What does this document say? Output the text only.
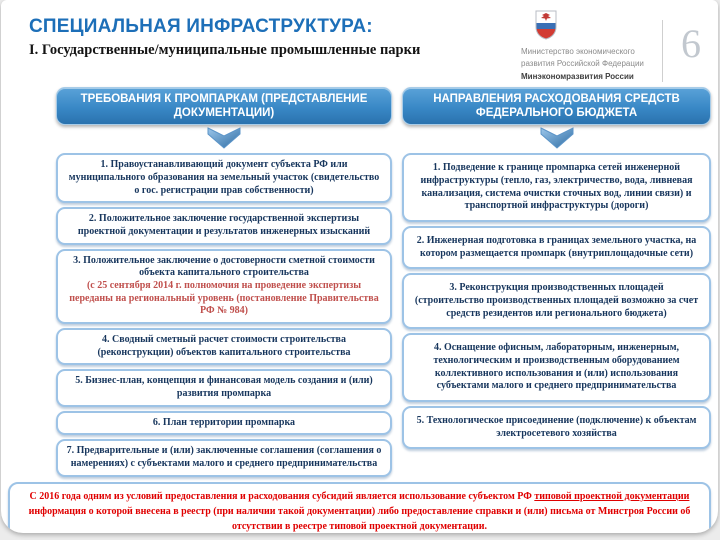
СПЕЦИАЛЬНАЯ ИНФРАСТРУКТУРА:
I. Государственные/муниципальные промышленные парки	Министерство экономического
развития Российской Федерации
Минэкономразвития России
6
ТРЕБОВАНИЯ К ПРОМПАРКАМ (ПРЕДСТАВЛЕНИЕ ДОКУМЕНТАЦИИ)
1. Правоустанавливающий документ субъекта РФ или муниципального образования на земельный участок (свидетельство о гос. регистрации прав собственности)
2. Положительное заключение государственной экспертизы проектной документации и результатов инженерных изысканий
3. Положительное заключение о достоверности сметной стоимости объекта капитального строительства
(с 25 сентября 2014 г. полномочия на проведение экспертизы переданы на региональный уровень (постановление Правительства РФ № 984)
4. Сводный сметный расчет стоимости строительства (реконструкции) объектов капитального строительства
5. Бизнес-план, концепция и финансовая модель создания и (или) развития промпарка
6. План территории промпарка
7. Предварительные и (или) заключенные соглашения (соглашения о намерениях) с субъектами малого и среднего предпринимательства
НАПРАВЛЕНИЯ РАСХОДОВАНИЯ СРЕДСТВ ФЕДЕРАЛЬНОГО БЮДЖЕТА
1. Подведение к границе промпарка сетей инженерной инфраструктуры (тепло, газ, электричество, вода, ливневая канализация, система очистки сточных вод, линии связи) и транспортной инфраструктуры (дороги)
2. Инженерная подготовка в границах земельного участка, на котором размещается промпарк (внутриплощадочные сети)
3. Реконструкция производственных площадей (строительство производственных площадей возможно за счет средств резидентов или регионального бюджета)
4. Оснащение офисным, лабораторным, инженерным, технологическим и производственным оборудованием коллективного использования и (или) использования субъектами малого и среднего предпринимательства
5. Технологическое присоединение (подключение) к объектам электросетевого хозяйства
С 2016 года одним из условий предоставления и расходования субсидий является использование субъектом РФ типовой проектной документации информация о которой внесена в реестр (при наличии такой документации) либо предоставление справки и (или) письма от Минстроя России об отсутствии в реестре типовой проектной документации.
